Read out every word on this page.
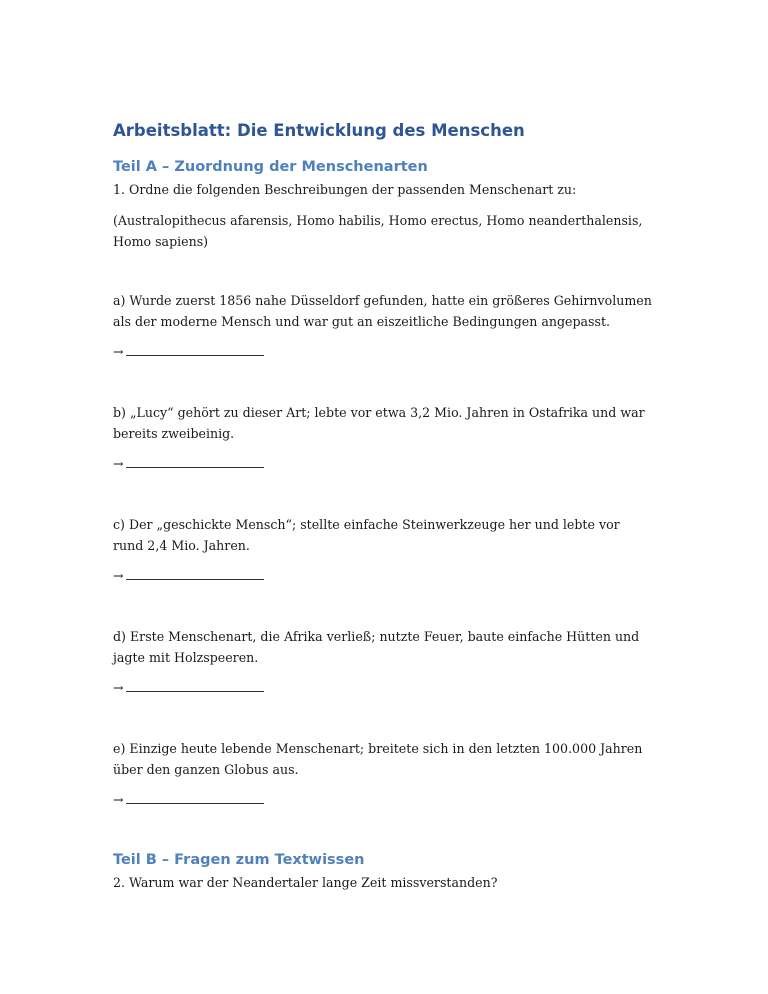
Arbeitsblatt: Die Entwicklung des Menschen
Teil A – Zuordnung der Menschenarten

1. Ordne die folgenden Beschreibungen der passenden Menschenart zu:

(Australopithecus afarensis, Homo habilis, Homo erectus, Homo neanderthalensis, Homo sapiens)

a) Wurde zuerst 1856 nahe Düsseldorf gefunden, hatte ein größeres Gehirnvolumen als der moderne Mensch und war gut an eiszeitliche Bedingungen angepasst.

→

b) „Lucy“ gehört zu dieser Art; lebte vor etwa 3,2 Mio. Jahren in Ostafrika und war bereits zweibeinig.

→

c) Der „geschickte Mensch“; stellte einfache Steinwerkzeuge her und lebte vor rund 2,4 Mio. Jahren.

→

d) Erste Menschenart, die Afrika verließ; nutzte Feuer, baute einfache Hütten und jagte mit Holzspeeren.

→

e) Einzige heute lebende Menschenart; breitete sich in den letzten 100.000 Jahren über den ganzen Globus aus.

→
Teil B – Fragen zum Textwissen

2. Warum war der Neandertaler lange Zeit missverstanden?
